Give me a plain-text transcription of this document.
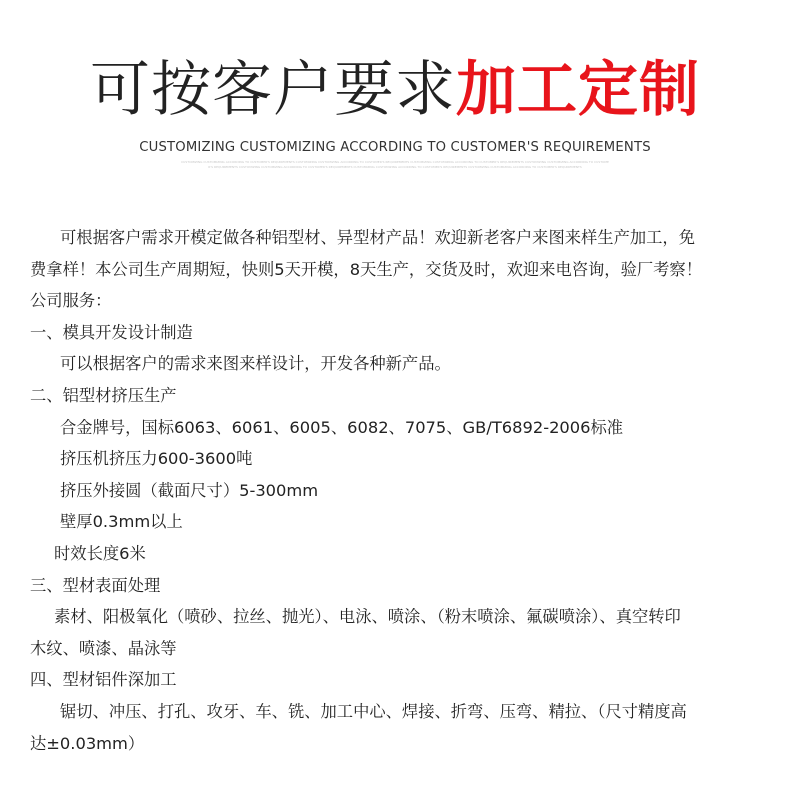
可按客户要求加工定制
CUSTOMIZING CUSTOMIZING ACCORDING TO CUSTOMER'S REQUIREMENTS
CUSTOMIZING CUSTOMIZING ACCORDING TO CUSTOMER'S REQUIREMENTS CUSTOMIZING CUSTOMIZING ACCORDING TO CUSTOMER'S REQUIREMENTS CUSTOMIZING CUSTOMIZING ACCORDING TO CUSTOMER'S REQUIREMENTS CUSTOMIZING CUSTOMIZING ACCORDING TO CUSTOMER'S REQUIREMENTS CUSTOMIZING CUSTOMIZING ACCORDING TO CUSTOMER'S REQUIREMENTS CUSTOMIZING CUSTOMIZING ACCORDING TO CUSTOMER'S REQUIREMENTS CUSTOMIZING CUSTOMIZING ACCORDING TO CUSTOMER'S REQUIREMENTS
可根据客户需求开模定做各种铝型材、异型材产品！欢迎新老客户来图来样生产加工，免
费拿样！本公司生产周期短，快则5天开模，8天生产，交货及时，欢迎来电咨询，验厂考察！
公司服务：
一、模具开发设计制造
可以根据客户的需求来图来样设计，开发各种新产品。
二、铝型材挤压生产
合金牌号，国标6063、6061、6005、6082、7075、GB/T6892-2006标准
挤压机挤压力600-3600吨
挤压外接圆（截面尺寸）5-300mm
壁厚0.3mm以上
时效长度6米
三、型材表面处理
素材、阳极氧化（喷砂、拉丝、抛光）、电泳、喷涂、（粉末喷涂、氟碳喷涂）、真空转印
木纹、喷漆、晶泳等
四、型材铝件深加工
锯切、冲压、打孔、攻牙、车、铣、加工中心、焊接、折弯、压弯、精拉、（尺寸精度高
达±0.03mm）
